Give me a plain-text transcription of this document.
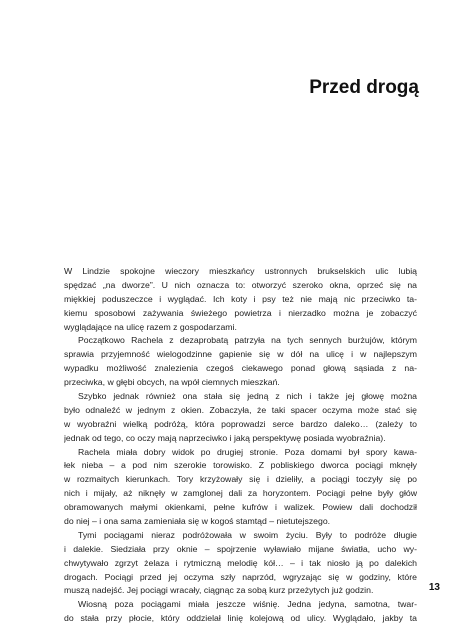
Przed drogą
W Lindzie spokojne wieczory mieszkańcy ustronnych brukselskich ulic lubią
spędzać „na dworze”. U nich oznacza to: otworzyć szeroko okna, oprzeć się na
miękkiej poduszeczce i wyglądać. Ich koty i psy też nie mają nic przeciwko ta-
kiemu sposobowi zażywania świeżego powietrza i nierzadko można je zobaczyć
wyglądające na ulicę razem z gospodarzami.
Początkowo Rachela z dezaprobatą patrzyła na tych sennych burżujów, którym
sprawia przyjemność wielogodzinne gapienie się w dół na ulicę i w najlepszym
wypadku możliwość znalezienia czegoś ciekawego ponad głową sąsiada z na-
przeciwka, w głębi obcych, na wpół ciemnych mieszkań.
Szybko jednak również ona stała się jedną z nich i także jej głowę można
było odnaleźć w jednym z okien. Zobaczyła, że taki spacer oczyma może stać się
w wyobraźni wielką podróżą, która poprowadzi serce bardzo daleko… (zależy to
jednak od tego, co oczy mają naprzeciwko i jaką perspektywę posiada wyobraźnia).
Rachela miała dobry widok po drugiej stronie. Poza domami był spory kawa-
łek nieba – a pod nim szerokie torowisko. Z pobliskiego dworca pociągi mknęły
w rozmaitych kierunkach. Tory krzyżowały się i dzieliły, a pociągi toczyły się po
nich i mijały, aż niknęły w zamglonej dali za horyzontem. Pociągi pełne były głów
obramowanych małymi okienkami, pełne kufrów i walizek. Powiew dali dochodził
do niej – i ona sama zamieniała się w kogoś stamtąd – nietutejszego.
Tymi pociągami nieraz podróżowała w swoim życiu. Były to podróże długie
i dalekie. Siedziała przy oknie – spojrzenie wyławiało mijane światła, ucho wy-
chwytywało zgrzyt żelaza i rytmiczną melodię kół… – i tak niosło ją po dalekich
drogach. Pociągi przed jej oczyma szły naprzód, wgryzając się w godziny, które
muszą nadejść. Jej pociągi wracały, ciągnąc za sobą kurz przeżytych już godzin.
Wiosną poza pociągami miała jeszcze wiśnię. Jedna jedyna, samotna, twar-
do stała przy płocie, który oddzielał linię kolejową od ulicy. Wyglądało, jakby ta
13
